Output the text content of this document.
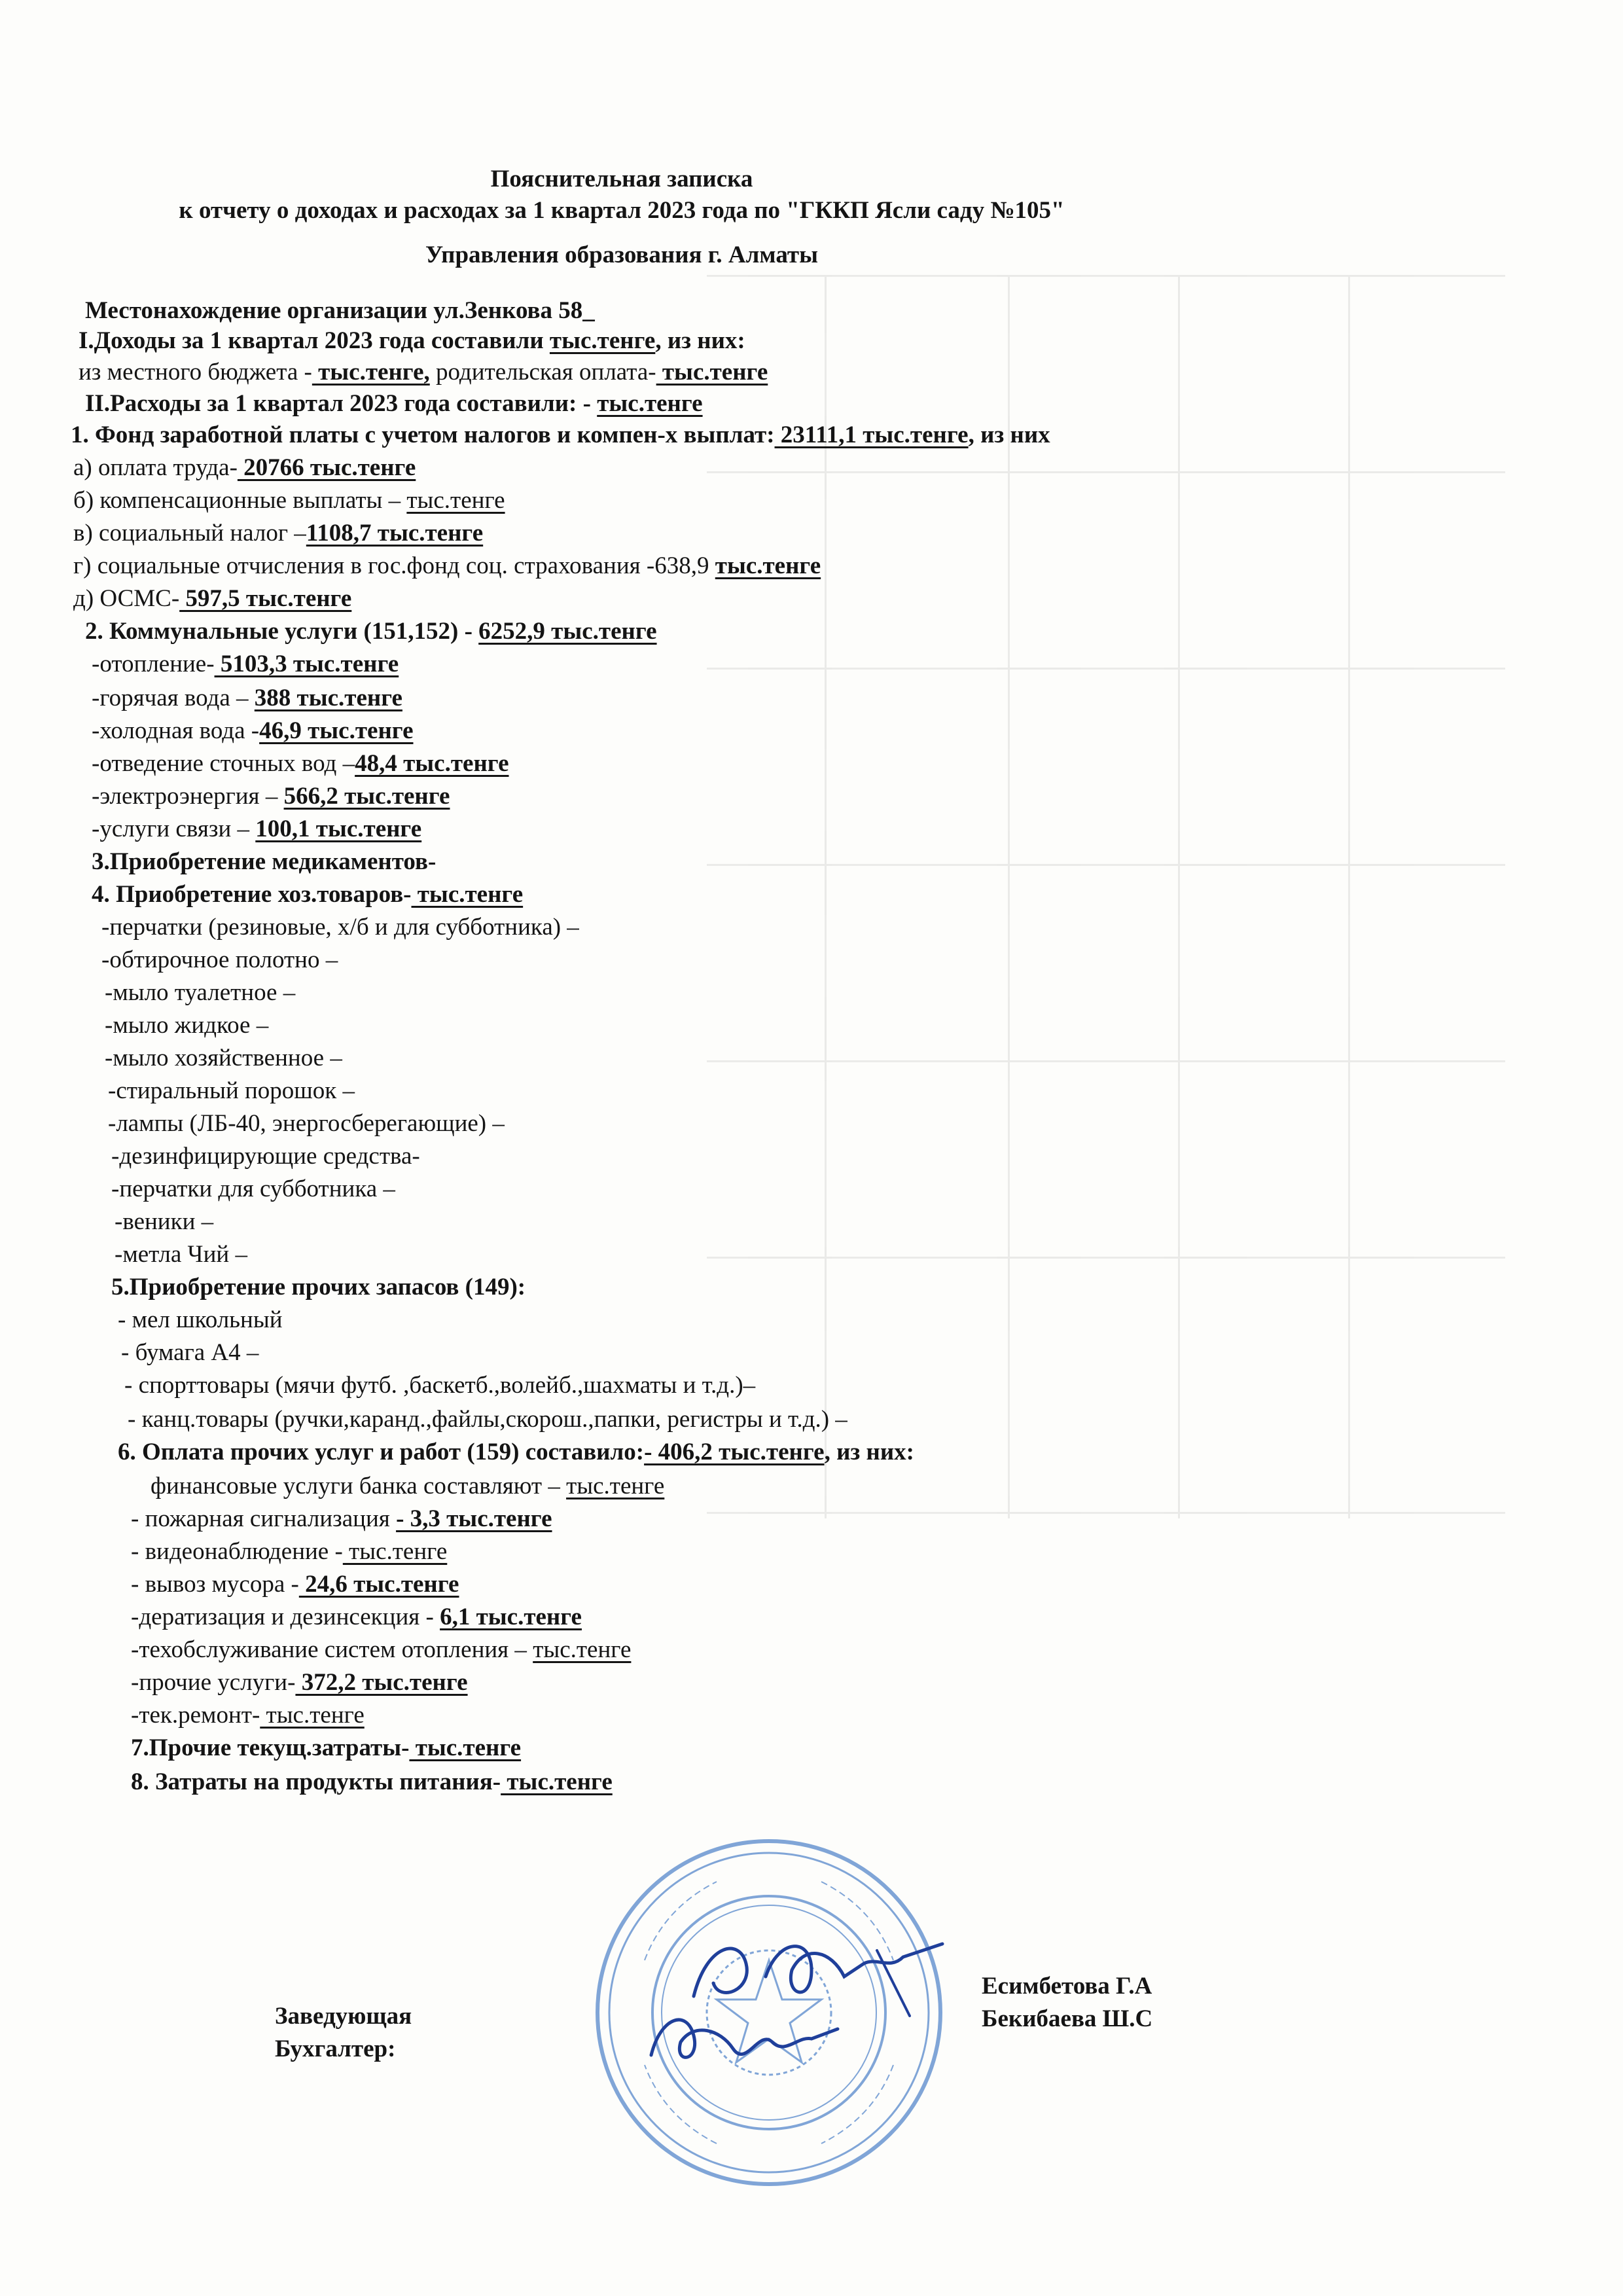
Пояснительная записка
к отчету о доходах и расходах за 1 квартал 2023 года по "ГККП Ясли саду №105"
Управления образования г. Алматы
Местонахождение организации ул.Зенкова 58_
I.Доходы за 1 квартал 2023 года составили тыс.тенге, из них:
из местного бюджета - тыс.тенге, родительская оплата- тыс.тенге
II.Расходы за 1 квартал 2023 года составили: - тыс.тенге
1. Фонд заработной платы с учетом налогов и компен-х выплат: 23111,1 тыс.тенге, из них
а) оплата труда- 20766 тыс.тенге
б) компенсационные выплаты – тыс.тенге
в) социальный налог –1108,7 тыс.тенге
г) социальные отчисления в гос.фонд соц. страхования -638,9 тыс.тенге
д) ОСМС- 597,5 тыс.тенге
2. Коммунальные услуги (151,152) - 6252,9 тыс.тенге
-отопление- 5103,3 тыс.тенге
-горячая вода – 388 тыс.тенге
-холодная вода -46,9 тыс.тенге
-отведение сточных вод –48,4 тыс.тенге
-электроэнергия – 566,2 тыс.тенге
-услуги связи – 100,1 тыс.тенге
3.Приобретение медикаментов-
4. Приобретение хоз.товаров- тыс.тенге
-перчатки (резиновые, х/б и для субботника) –
-обтирочное полотно –
-мыло туалетное –
-мыло жидкое –
-мыло хозяйственное –
-стиральный порошок –
-лампы (ЛБ-40, энергосберегающие) –
-дезинфицирующие средства-
-перчатки для субботника –
-веники –
-метла Чий –
5.Приобретение прочих запасов (149):
- мел школьный
- бумага А4 –
- спорттовары (мячи футб. ,баскетб.,волейб.,шахматы и т.д.)–
- канц.товары (ручки,каранд.,файлы,скорош.,папки, регистры и т.д.) –
6. Оплата прочих услуг и работ (159) составило:- 406,2 тыс.тенге, из них:
финансовые услуги банка составляют – тыс.тенге
- пожарная сигнализация - 3,3 тыс.тенге
- видеонаблюдение - тыс.тенге
- вывоз мусора - 24,6 тыс.тенге
-дератизация и дезинсекция - 6,1 тыс.тенге
-техобслуживание систем отопления – тыс.тенге
-прочие услуги- 372,2 тыс.тенге
-тек.ремонт- тыс.тенге
7.Прочие текущ.затраты- тыс.тенге
8. Затраты на продукты питания- тыс.тенге
Заведующая
Бухгалтер:
Есимбетова Г.А
Бекибаева Ш.С
